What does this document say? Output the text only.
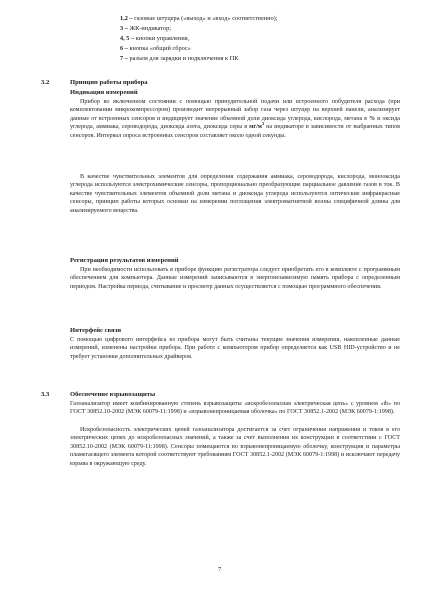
1,2 – газовые штуцера («выход» и «вход» соответственно);
3 – ЖК-индикатор;
4, 5 – кнопки управления,
6 – кнопка «общий сброс»
7 – разъем для зарядки и подключения к ПК
3.2	Принцип работы прибора
Индикация измерений
Прибор во включенном состоянии с помощью принудительной подачи или встроенного побудителя расхода (при комплектовании микрокомпрессором) производит непрерывный забор газа через штуцер на верхней панели, анализирует данные от встроенных сенсоров и индицирует значение объемной доли диоксида углерода, кислорода, метана в % и оксида углерода, аммиака, сероводорода, диоксида азота, диоксида серы в $мг/м^3$ на индикаторе в зависимости от выбранных типов сенсоров. Интервал опроса встроенных сенсоров составляет около одной секунды.
В качестве чувствительных элементов для определения содержания аммиака, сероводорода, кислорода, монооксида углерода используются электрохимические сенсоры, пропорционально преобразующие парциальное давление газов в ток. В качестве чувствительных элементов объемной доли метана и диоксида углерода используются оптические инфракрасные сенсоры, принцип работы которых основан на измерении поглощения электромагнитной волны специфичной длины для анализируемого вещества.
Регистрация результатов измерений
При необходимости использовать в приборе функцию регистратора следует приобретать его в комплекте с программным обеспечением для компьютера. Данные измерений записываются в энергонезависимую память прибора с определенным периодом. Настройка периода, считывание и просмотр данных осуществляется с помощью программного обеспечения.
Интерфейс связи
С помощью цифрового интерфейса из прибора могут быть считаны текущие значения измерения, накопленные данные измерений, изменены настройки прибора. При работе с компьютером прибор определяется как USB HID-устройство и не требует установки дополнительных драйверов.
3.3	Обеспечение взрывозащиты
Газоанализатор имеет комбинированную степень взрывозащиты «искробезопасная электрическая цепь» с уровнем «ib» по ГОСТ 30852.10-2002 (МЭК 60079-11:1998) и «взрывонепроницаемая оболочка» по ГОСТ 30852.1-2002 (МЭК 60079-1:1998).
Искробезопасность электрических цепей газоанализатора достигается за счет ограничения напряжения и токов в его электрических цепях до искробезопасных значений, а также за счет выполнения их конструкции в соответствии с ГОСТ 30852.10-2002 (МЭК 60079-11:1998). Сенсоры помещаются во взрывонепроницаемую оболочку, конструкция и параметры пламегасящего элемента которой соответствуют требованиям ГОСТ 30852.1-2002 (МЭК 60079-1:1998) и исключают передачу взрыва в окружающую среду.
7
